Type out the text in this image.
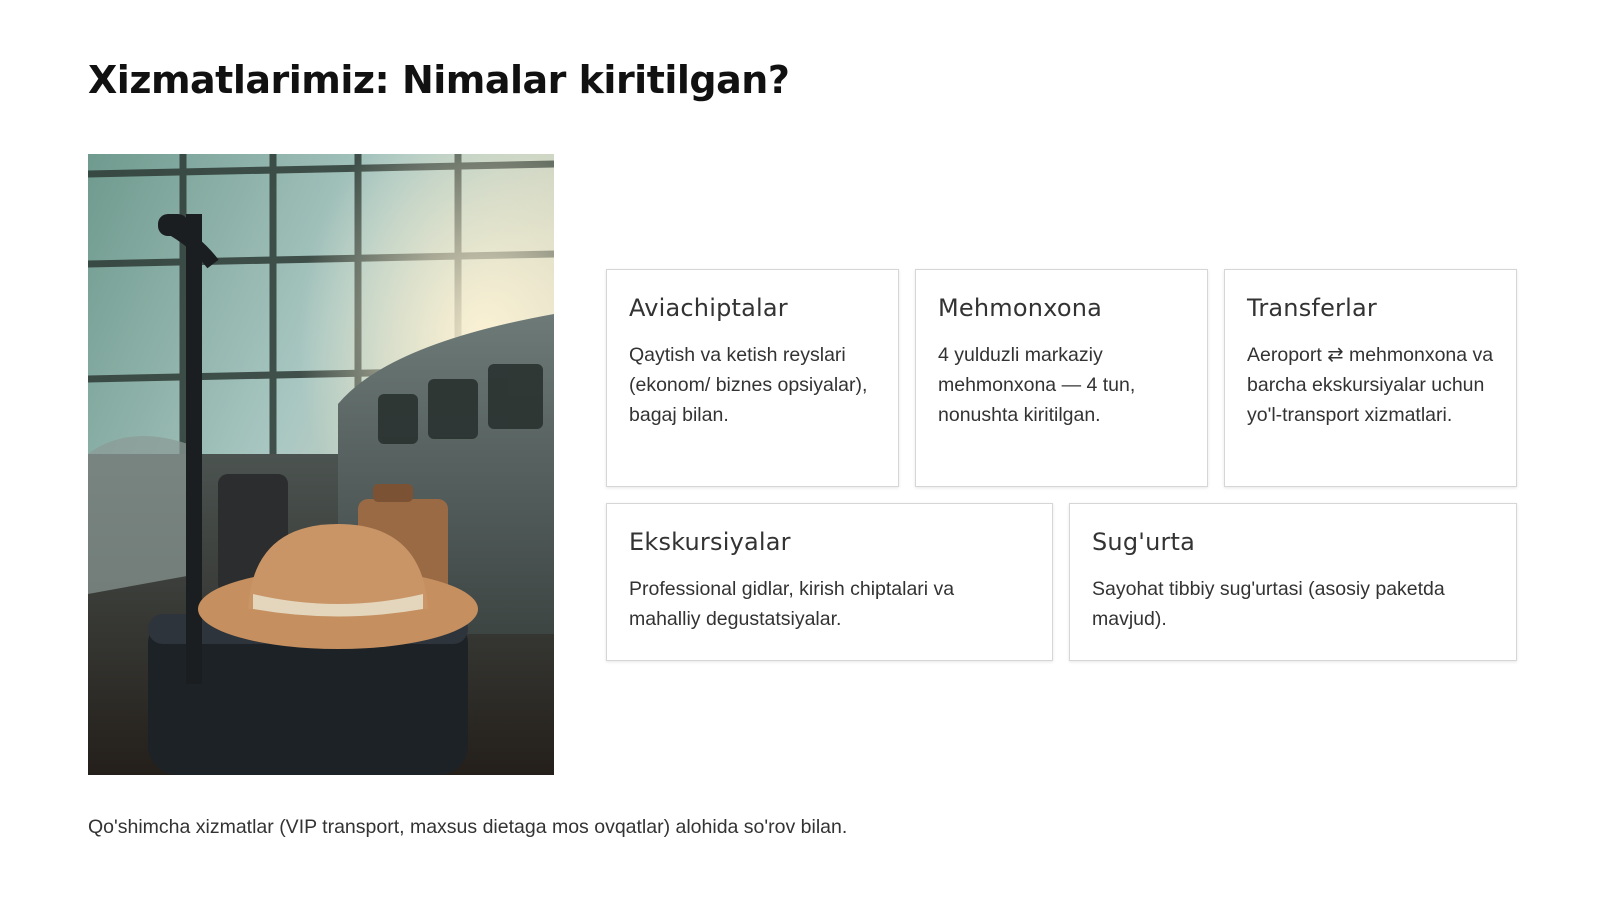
Xizmatlarimiz: Nimalar kiritilgan?
Aviachiptalar

Qaytish va ketish reyslari (ekonom/ biznes opsiyalar), bagaj bilan.

Mehmonxona

4 yulduzli markaziy mehmonxona — 4 tun, nonushta kiritilgan.

Transferlar

Aeroport ⇄ mehmonxona va barcha ekskursiyalar uchun yo'l-transport xizmatlari.

Ekskursiyalar

Professional gidlar, kirish chiptalari va mahalliy degustatsiyalar.

Sug'urta

Sayohat tibbiy sug'urtasi (asosiy paketda mavjud).

Qo'shimcha xizmatlar (VIP transport, maxsus dietaga mos ovqatlar) alohida so'rov bilan.
